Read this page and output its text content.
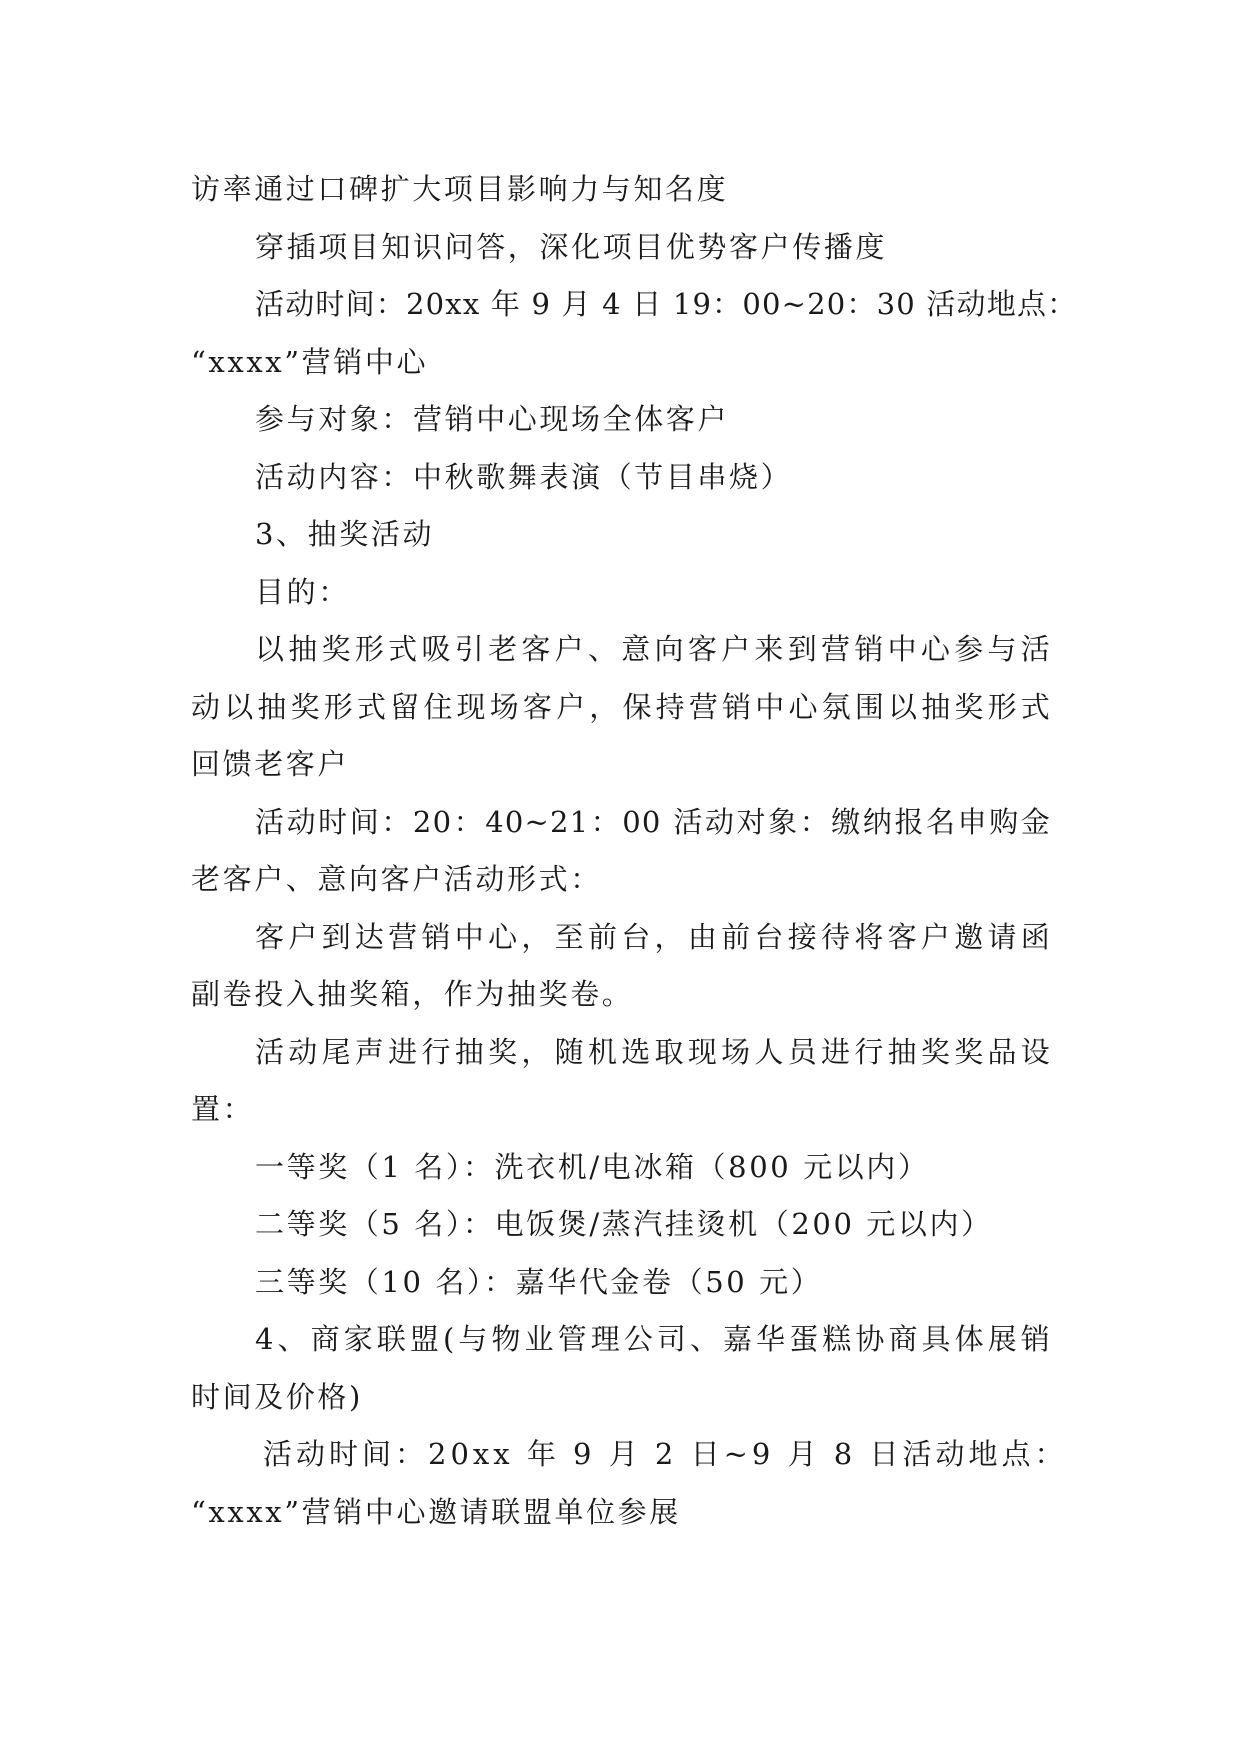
访率通过口碑扩大项目影响力与知名度
穿插项目知识问答，深化项目优势客户传播度
活动时间：20xx 年 9 月 4 日 19：00~20：30 活动地点：
“xxxx”营销中心
参与对象：营销中心现场全体客户
活动内容：中秋歌舞表演（节目串烧）
3、抽奖活动
目的：
以抽奖形式吸引老客户、意向客户来到营销中心参与活
动以抽奖形式留住现场客户，保持营销中心氛围以抽奖形式
回馈老客户
活动时间：20：40~21：00 活动对象：缴纳报名申购金
老客户、意向客户活动形式：
客户到达营销中心，至前台，由前台接待将客户邀请函
副卷投入抽奖箱，作为抽奖卷。
活动尾声进行抽奖，随机选取现场人员进行抽奖奖品设
置：
一等奖（1 名）：洗衣机/电冰箱（800 元以内）
二等奖（5 名）：电饭煲/蒸汽挂烫机（200 元以内）
三等奖（10 名）：嘉华代金卷（50 元）
4、商家联盟(与物业管理公司、嘉华蛋糕协商具体展销
时间及价格)
活动时间：20xx 年 9 月 2 日~9 月 8 日活动地点：
“xxxx”营销中心邀请联盟单位参展
